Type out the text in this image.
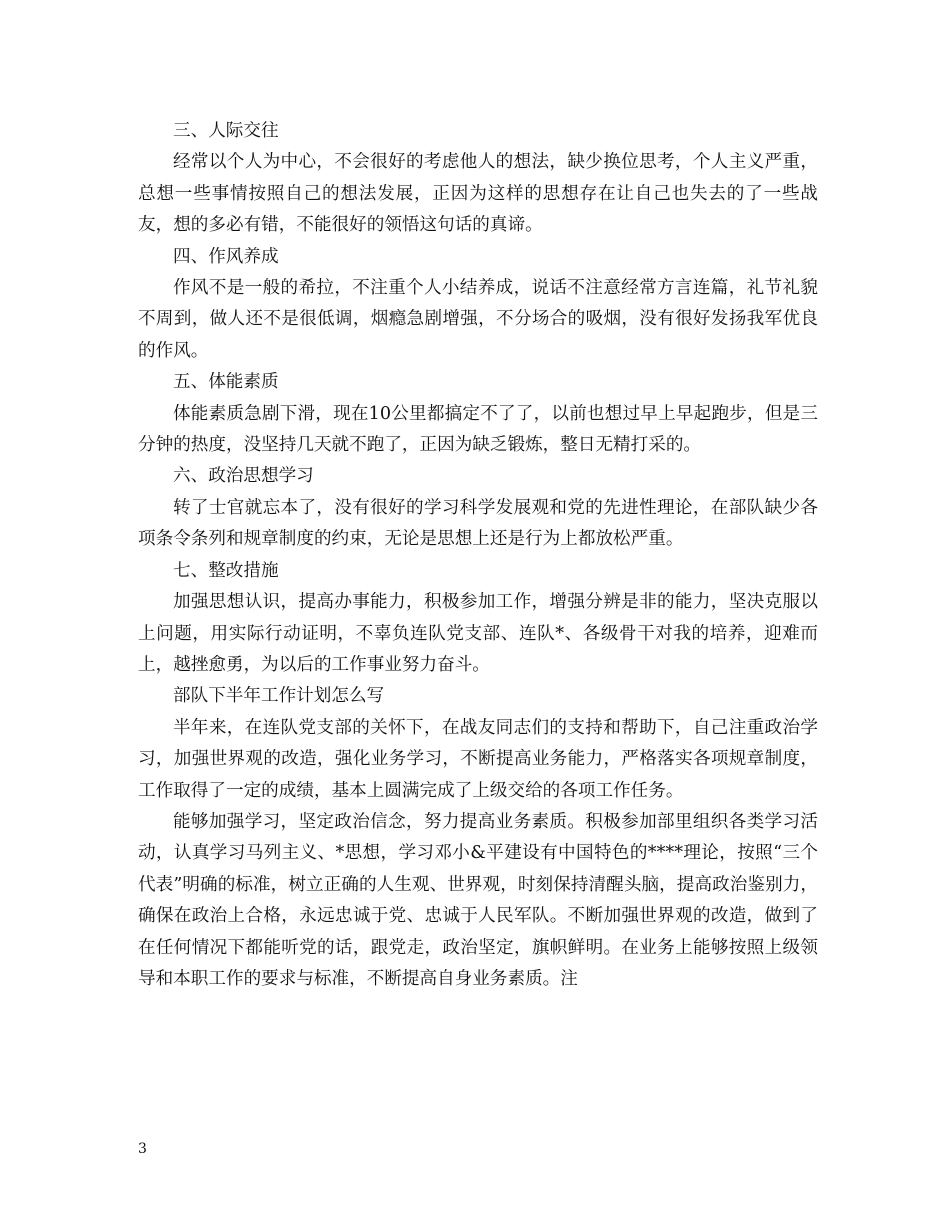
三、人际交往

经常以个人为中心，不会很好的考虑他人的想法，缺少换位思考，个人主义严重，总想一些事情按照自己的想法发展，正因为这样的思想存在让自己也失去的了一些战友，想的多必有错，不能很好的领悟这句话的真谛。

四、作风养成

作风不是一般的希拉，不注重个人小结养成，说话不注意经常方言连篇，礼节礼貌不周到，做人还不是很低调，烟瘾急剧增强，不分场合的吸烟，没有很好发扬我军优良的作风。

五、体能素质

体能素质急剧下滑，现在10公里都搞定不了了，以前也想过早上早起跑步，但是三分钟的热度，没坚持几天就不跑了，正因为缺乏锻炼，整日无精打采的。

六、政治思想学习

转了士官就忘本了，没有很好的学习科学发展观和党的先进性理论，在部队缺少各项条令条列和规章制度的约束，无论是思想上还是行为上都放松严重。

七、整改措施

加强思想认识，提高办事能力，积极参加工作，增强分辨是非的能力，坚决克服以上问题，用实际行动证明，不辜负连队党支部、连队*、各级骨干对我的培养，迎难而上，越挫愈勇，为以后的工作事业努力奋斗。

部队下半年工作计划怎么写

半年来，在连队党支部的关怀下，在战友同志们的支持和帮助下，自己注重政治学习，加强世界观的改造，强化业务学习，不断提高业务能力，严格落实各项规章制度，工作取得了一定的成绩，基本上圆满完成了上级交给的各项工作任务。

能够加强学习，坚定政治信念，努力提高业务素质。积极参加部里组织各类学习活动，认真学习马列主义、*思想，学习邓小&平建设有中国特色的****理论，按照“三个代表”明确的标准，树立正确的人生观、世界观，时刻保持清醒头脑，提高政治鉴别力，确保在政治上合格，永远忠诚于党、忠诚于人民军队。不断加强世界观的改造，做到了在任何情况下都能听党的话，跟党走，政治坚定，旗帜鲜明。在业务上能够按照上级领导和本职工作的要求与标准，不断提高自身业务素质。注

3
